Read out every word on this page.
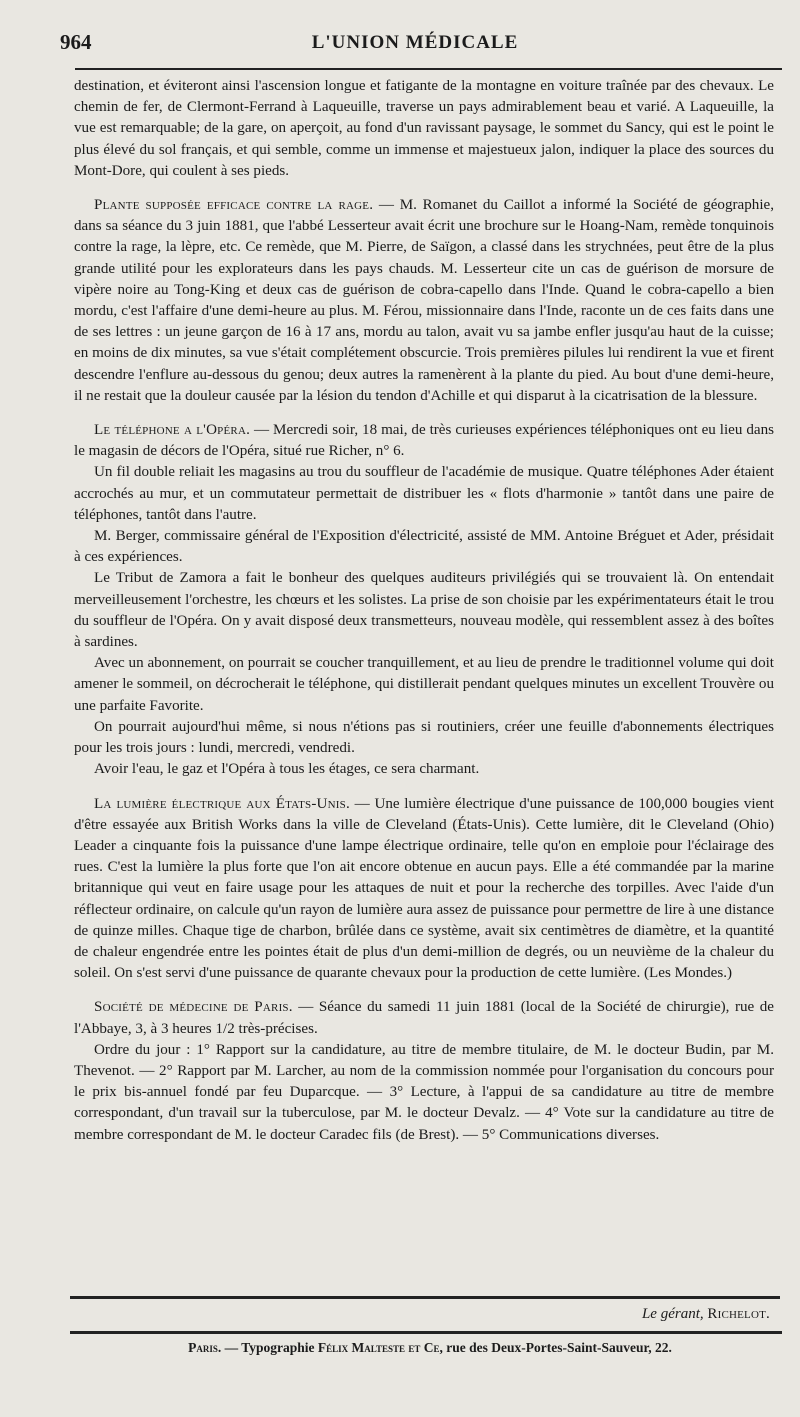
964	L'UNION MÉDICALE

destination, et éviteront ainsi l'ascension longue et fatigante de la montagne en voiture traînée par des chevaux. Le chemin de fer, de Clermont-Ferrand à Laqueuille, traverse un pays admirablement beau et varié. A Laqueuille, la vue est remarquable; de la gare, on aperçoit, au fond d'un ravissant paysage, le sommet du Sancy, qui est le point le plus élevé du sol français, et qui semble, comme un immense et majestueux jalon, indiquer la place des sources du Mont-Dore, qui coulent à ses pieds.

Plante supposée efficace contre la rage. — M. Romanet du Caillot a informé la Société de géographie, dans sa séance du 3 juin 1881, que l'abbé Lesserteur avait écrit une brochure sur le Hoang-Nam, remède tonquinois contre la rage, la lèpre, etc. Ce remède, que M. Pierre, de Saïgon, a classé dans les strychnées, peut être de la plus grande utilité pour les explorateurs dans les pays chauds. M. Lesserteur cite un cas de guérison de morsure de vipère noire au Tong-King et deux cas de guérison de cobra-capello dans l'Inde. Quand le cobra-capello a bien mordu, c'est l'affaire d'une demi-heure au plus. M. Férou, missionnaire dans l'Inde, raconte un de ces faits dans une de ses lettres : un jeune garçon de 16 à 17 ans, mordu au talon, avait vu sa jambe enfler jusqu'au haut de la cuisse; en moins de dix minutes, sa vue s'était complétement obscurcie. Trois premières pilules lui rendirent la vue et firent descendre l'enflure au-dessous du genou; deux autres la ramenèrent à la plante du pied. Au bout d'une demi-heure, il ne restait que la douleur causée par la lésion du tendon d'Achille et qui disparut à la cicatrisation de la blessure.

Le téléphone a l'Opéra. — Mercredi soir, 18 mai, de très curieuses expériences téléphoniques ont eu lieu dans le magasin de décors de l'Opéra, situé rue Richer, n° 6.

Un fil double reliait les magasins au trou du souffleur de l'académie de musique. Quatre téléphones Ader étaient accrochés au mur, et un commutateur permettait de distribuer les « flots d'harmonie » tantôt dans une paire de téléphones, tantôt dans l'autre.

M. Berger, commissaire général de l'Exposition d'électricité, assisté de MM. Antoine Bréguet et Ader, présidait à ces expériences.

Le Tribut de Zamora a fait le bonheur des quelques auditeurs privilégiés qui se trouvaient là. On entendait merveilleusement l'orchestre, les chœurs et les solistes. La prise de son choisie par les expérimentateurs était le trou du souffleur de l'Opéra. On y avait disposé deux transmetteurs, nouveau modèle, qui ressemblent assez à des boîtes à sardines.

Avec un abonnement, on pourrait se coucher tranquillement, et au lieu de prendre le traditionnel volume qui doit amener le sommeil, on décrocherait le téléphone, qui distillerait pendant quelques minutes un excellent Trouvère ou une parfaite Favorite.

On pourrait aujourd'hui même, si nous n'étions pas si routiniers, créer une feuille d'abonnements électriques pour les trois jours : lundi, mercredi, vendredi.

Avoir l'eau, le gaz et l'Opéra à tous les étages, ce sera charmant.

La lumière électrique aux États-Unis. — Une lumière électrique d'une puissance de 100,000 bougies vient d'être essayée aux British Works dans la ville de Cleveland (États-Unis). Cette lumière, dit le Cleveland (Ohio) Leader a cinquante fois la puissance d'une lampe électrique ordinaire, telle qu'on en emploie pour l'éclairage des rues. C'est la lumière la plus forte que l'on ait encore obtenue en aucun pays. Elle a été commandée par la marine britannique qui veut en faire usage pour les attaques de nuit et pour la recherche des torpilles. Avec l'aide d'un réflecteur ordinaire, on calcule qu'un rayon de lumière aura assez de puissance pour permettre de lire à une distance de quinze milles. Chaque tige de charbon, brûlée dans ce système, avait six centimètres de diamètre, et la quantité de chaleur engendrée entre les pointes était de plus d'un demi-million de degrés, ou un neuvième de la chaleur du soleil. On s'est servi d'une puissance de quarante chevaux pour la production de cette lumière. (Les Mondes.)

Société de médecine de Paris. — Séance du samedi 11 juin 1881 (local de la Société de chirurgie), rue de l'Abbaye, 3, à 3 heures 1/2 très-précises.

Ordre du jour : 1° Rapport sur la candidature, au titre de membre titulaire, de M. le docteur Budin, par M. Thevenot. — 2° Rapport par M. Larcher, au nom de la commission nommée pour l'organisation du concours pour le prix bis-annuel fondé par feu Duparcque. — 3° Lecture, à l'appui de sa candidature au titre de membre correspondant, d'un travail sur la tuberculose, par M. le docteur Devalz. — 4° Vote sur la candidature au titre de membre correspondant de M. le docteur Caradec fils (de Brest). — 5° Communications diverses.

Le gérant, Richelot.
Paris. — Typographie Félix Malteste et Ce, rue des Deux-Portes-Saint-Sauveur, 22.
